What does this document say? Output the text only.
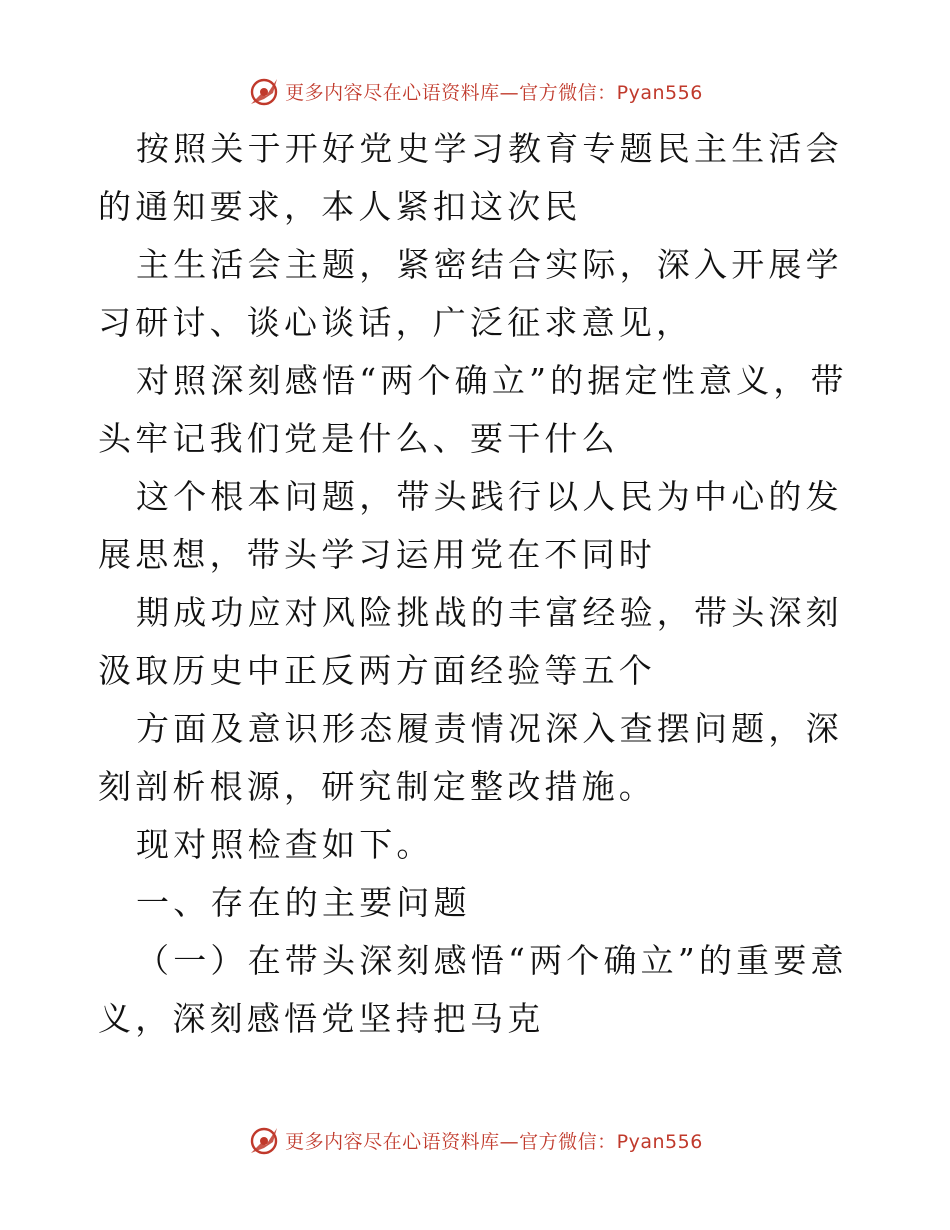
更多内容尽在心语资料库—官方微信：Pyan556

按照关于开好党史学习教育专题民主生活会的通知要求，本人紧扣这次民

主生活会主题，紧密结合实际，深入开展学习研讨、谈心谈话，广泛征求意见，

对照深刻感悟“两个确立”的据定性意义，带头牢记我们党是什么、要干什么

这个根本问题，带头践行以人民为中心的发展思想，带头学习运用党在不同时

期成功应对风险挑战的丰富经验，带头深刻汲取历史中正反两方面经验等五个

方面及意识形态履责情况深入查摆问题，深刻剖析根源，研究制定整改措施。

现对照检查如下。

一、存在的主要问题

（一）在带头深刻感悟“两个确立”的重要意义，深刻感悟党坚持把马克

更多内容尽在心语资料库—官方微信：Pyan556
